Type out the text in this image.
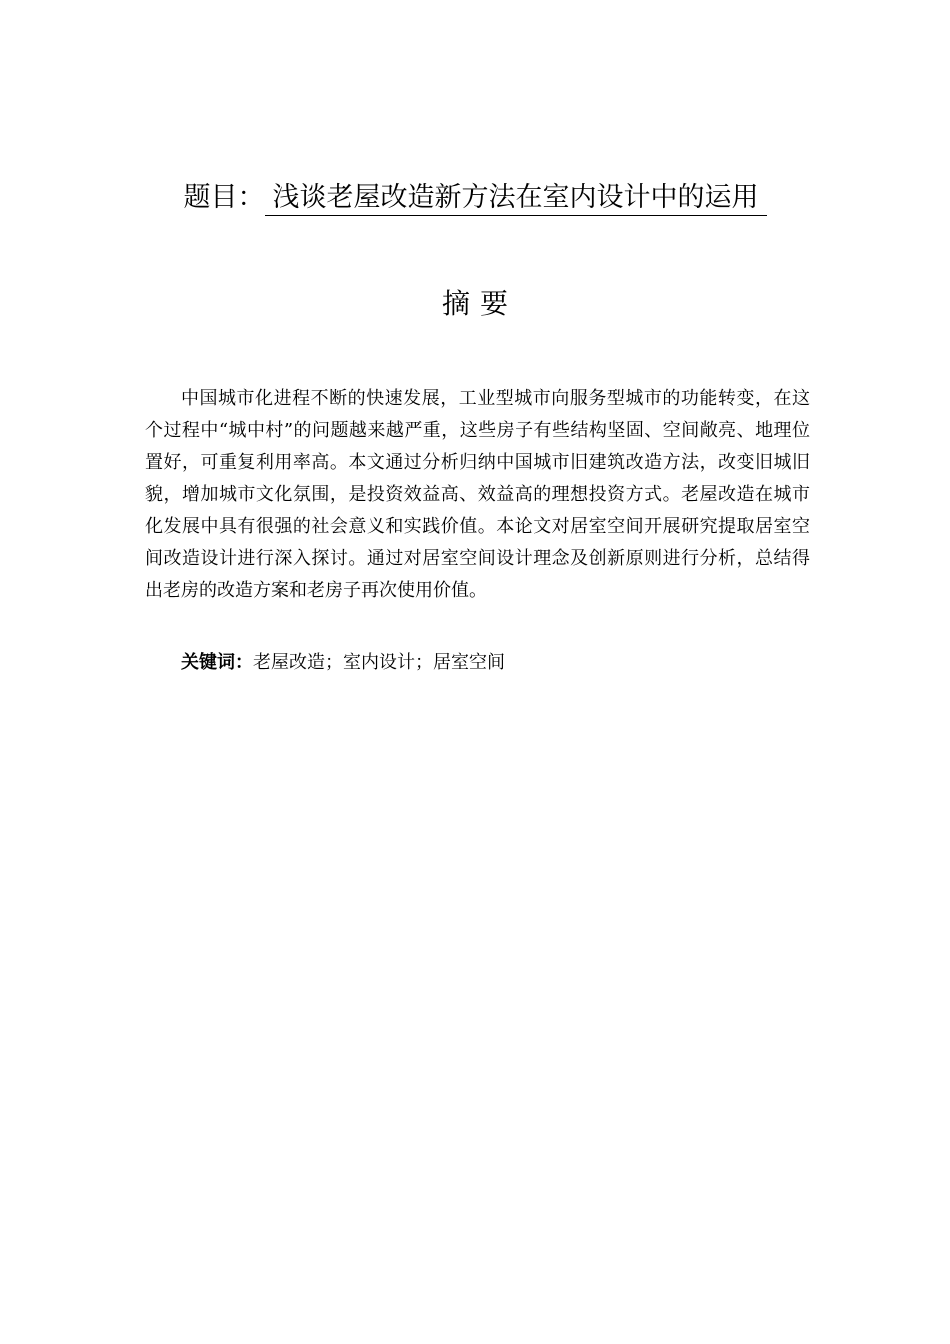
题目： 浅谈老屋改造新方法在室内设计中的运用
摘要

中国城市化进程不断的快速发展，工业型城市向服务型城市的功能转变，在这个过程中“城中村”的问题越来越严重，这些房子有些结构坚固、空间敞亮、地理位置好，可重复利用率高。本文通过分析归纳中国城市旧建筑改造方法，改变旧城旧貌，增加城市文化氛围，是投资效益高、效益高的理想投资方式。老屋改造在城市化发展中具有很强的社会意义和实践价值。本论文对居室空间开展研究提取居室空间改造设计进行深入探讨。通过对居室空间设计理念及创新原则进行分析，总结得出老房的改造方案和老房子再次使用价值。

关键词：老屋改造；室内设计；居室空间
